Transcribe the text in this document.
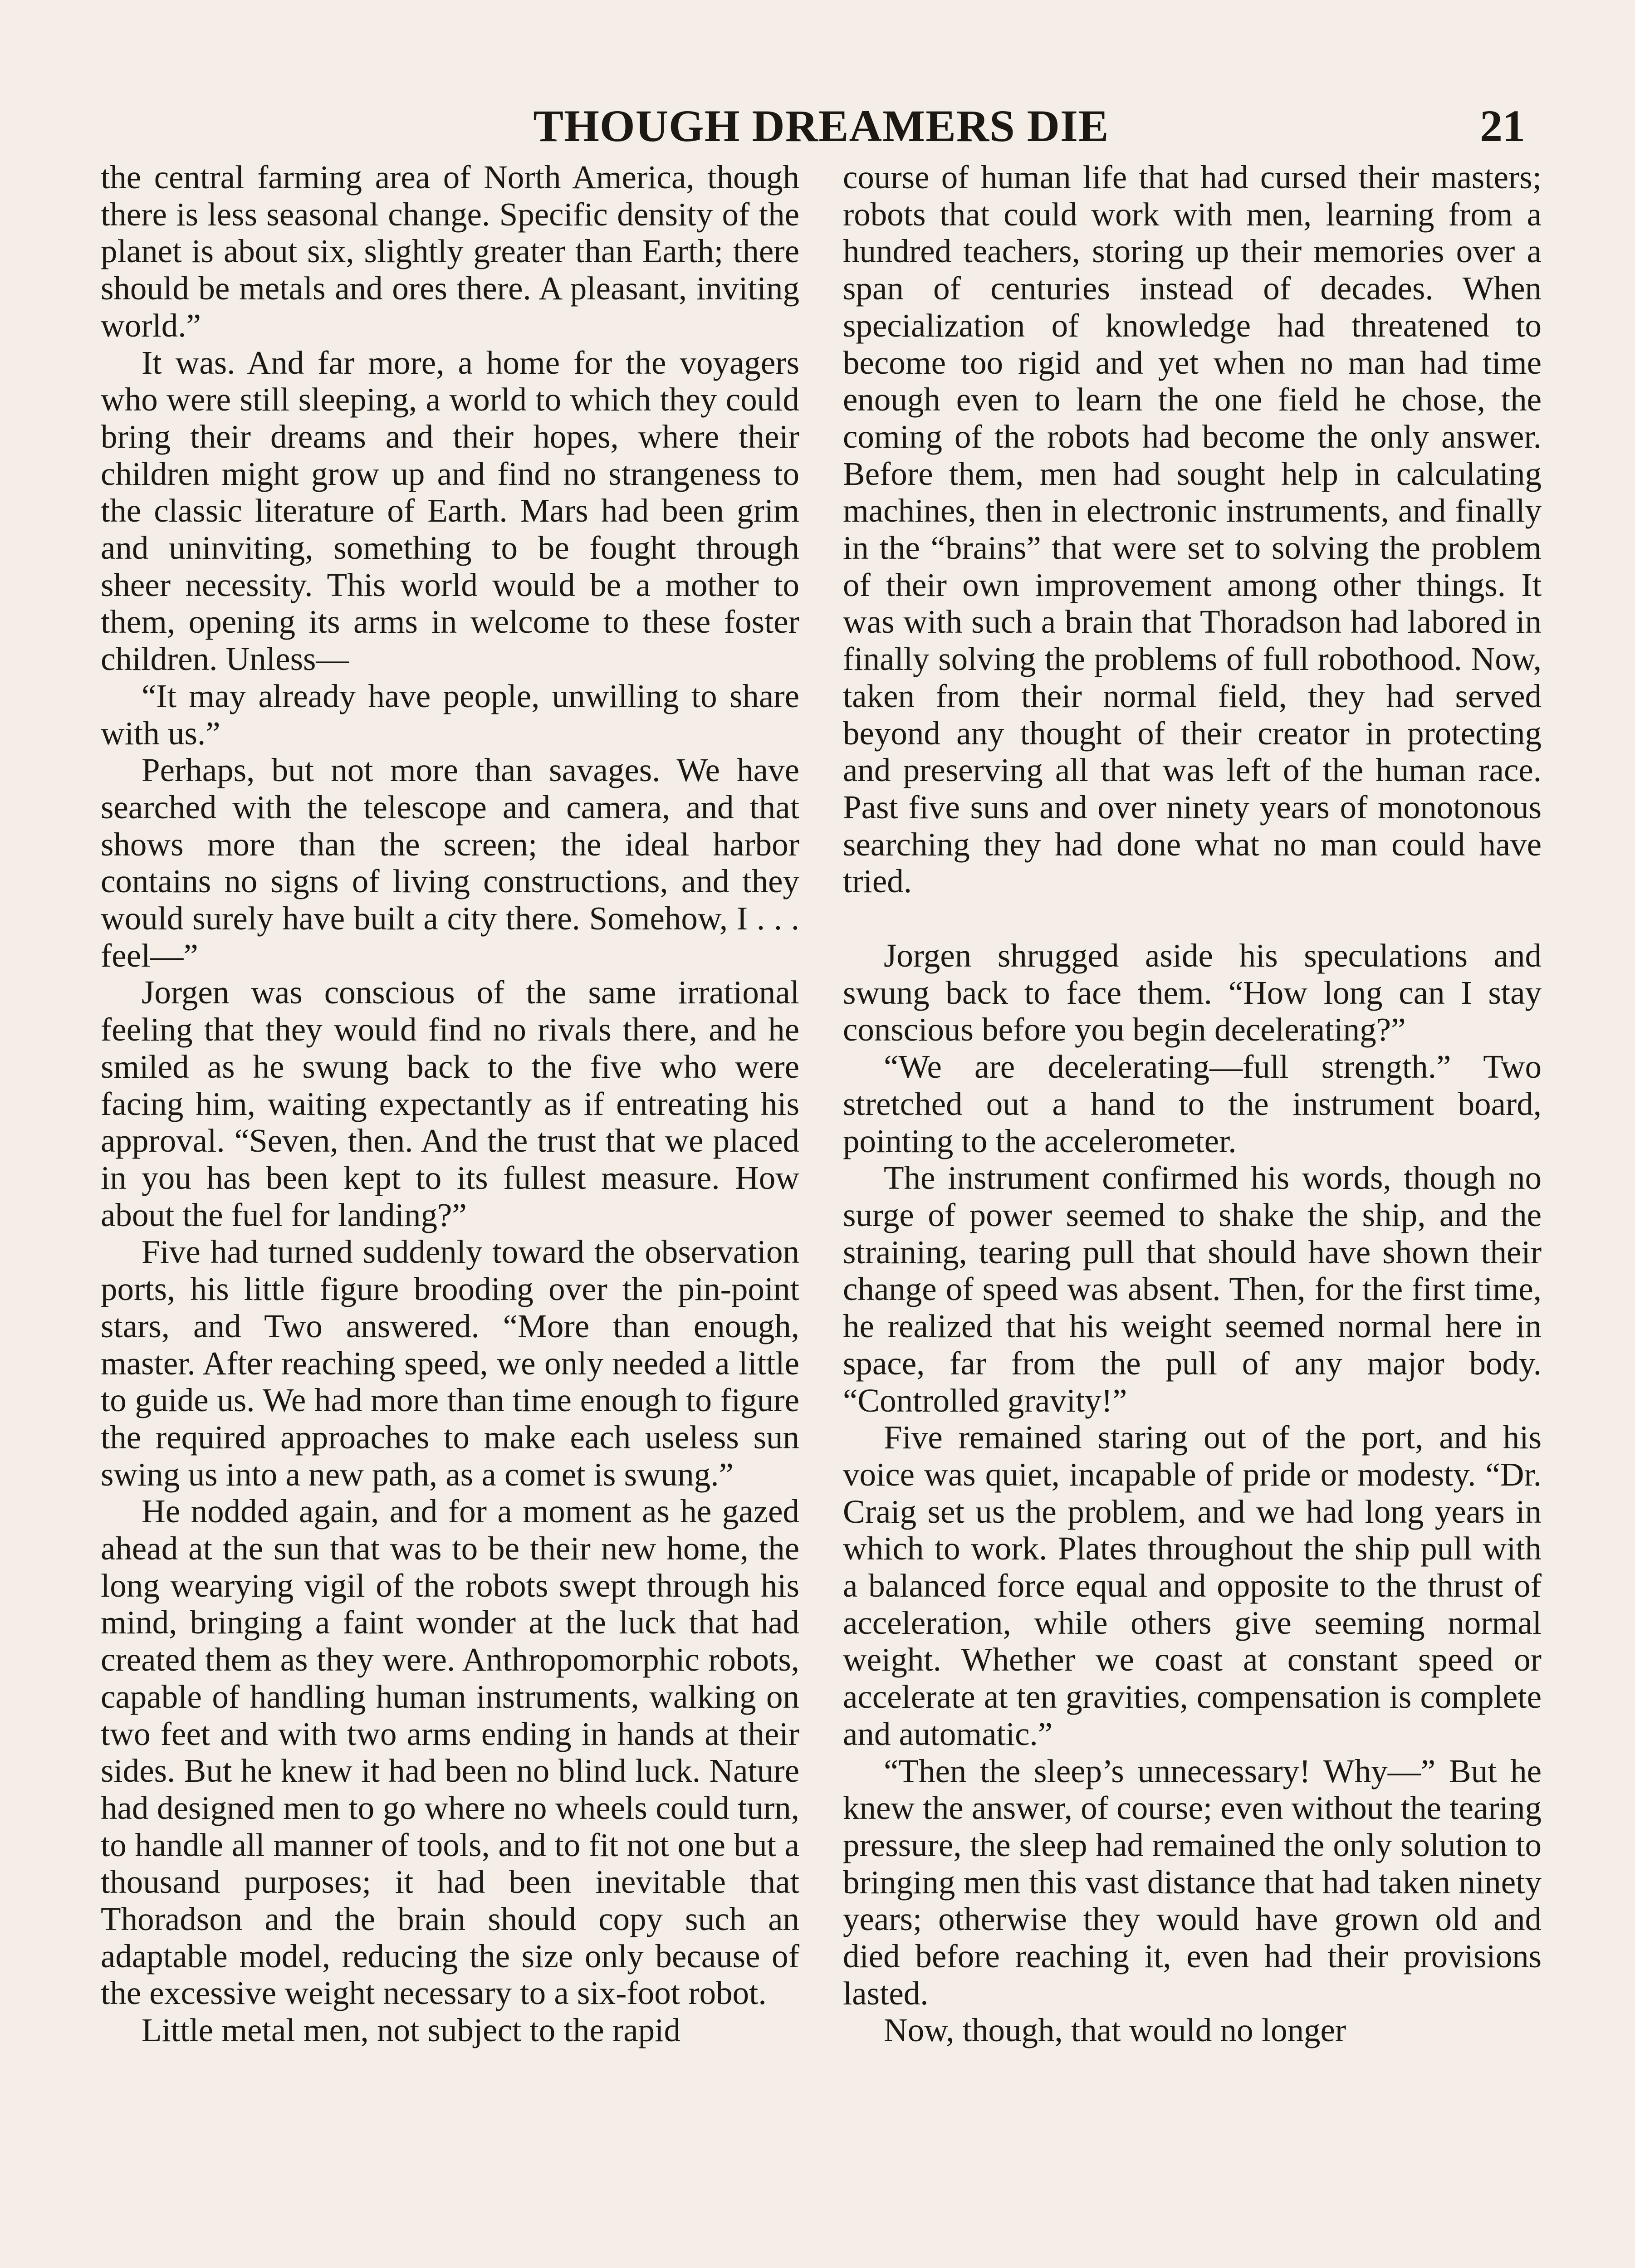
THOUGH DREAMERS DIE	21

the central farming area of North America, though there is less seasonal change. Specific density of the planet is about six, slightly greater than Earth; there should be metals and ores there. A pleasant, inviting world.”

It was. And far more, a home for the voyagers who were still sleeping, a world to which they could bring their dreams and their hopes, where their children might grow up and find no strangeness to the classic literature of Earth. Mars had been grim and uninviting, something to be fought through sheer necessity. This world would be a mother to them, opening its arms in welcome to these foster children. Unless—

“It may already have people, unwilling to share with us.”

Perhaps, but not more than savages. We have searched with the telescope and camera, and that shows more than the screen; the ideal harbor contains no signs of living constructions, and they would surely have built a city there. Somehow, I . . . feel—”

Jorgen was conscious of the same irrational feeling that they would find no rivals there, and he smiled as he swung back to the five who were facing him, waiting expectantly as if entreating his approval. “Seven, then. And the trust that we placed in you has been kept to its fullest measure. How about the fuel for landing?”

Five had turned suddenly toward the observation ports, his little figure brooding over the pin-point stars, and Two answered. “More than enough, master. After reaching speed, we only needed a little to guide us. We had more than time enough to figure the required approaches to make each useless sun swing us into a new path, as a comet is swung.”

He nodded again, and for a moment as he gazed ahead at the sun that was to be their new home, the long wearying vigil of the robots swept through his mind, bringing a faint wonder at the luck that had created them as they were. Anthropomorphic robots, capable of handling human instruments, walking on two feet and with two arms ending in hands at their sides. But he knew it had been no blind luck. Nature had designed men to go where no wheels could turn, to handle all manner of tools, and to fit not one but a thousand purposes; it had been inevitable that Thoradson and the brain should copy such an adaptable model, reducing the size only because of the excessive weight necessary to a six-foot robot.

Little metal men, not subject to the rapid

course of human life that had cursed their masters; robots that could work with men, learning from a hundred teachers, storing up their memories over a span of centuries instead of decades. When specialization of knowledge had threatened to become too rigid and yet when no man had time enough even to learn the one field he chose, the coming of the robots had become the only answer. Before them, men had sought help in calculating machines, then in electronic instruments, and finally in the “brains” that were set to solving the problem of their own improvement among other things. It was with such a brain that Thoradson had labored in finally solving the problems of full robothood. Now, taken from their normal field, they had served beyond any thought of their creator in protecting and preserving all that was left of the human race. Past five suns and over ninety years of monotonous searching they had done what no man could have tried.

Jorgen shrugged aside his speculations and swung back to face them. “How long can I stay conscious before you begin decelerating?”

“We are decelerating—full strength.” Two stretched out a hand to the instrument board, pointing to the accelerometer.

The instrument confirmed his words, though no surge of power seemed to shake the ship, and the straining, tearing pull that should have shown their change of speed was absent. Then, for the first time, he realized that his weight seemed normal here in space, far from the pull of any major body. “Controlled gravity!”

Five remained staring out of the port, and his voice was quiet, incapable of pride or modesty. “Dr. Craig set us the problem, and we had long years in which to work. Plates throughout the ship pull with a balanced force equal and opposite to the thrust of acceleration, while others give seeming normal weight. Whether we coast at constant speed or accelerate at ten gravities, compensation is complete and automatic.”

“Then the sleep’s unnecessary! Why—” But he knew the answer, of course; even without the tearing pressure, the sleep had remained the only solution to bringing men this vast distance that had taken ninety years; otherwise they would have grown old and died before reaching it, even had their provisions lasted.

Now, though, that would no longer
